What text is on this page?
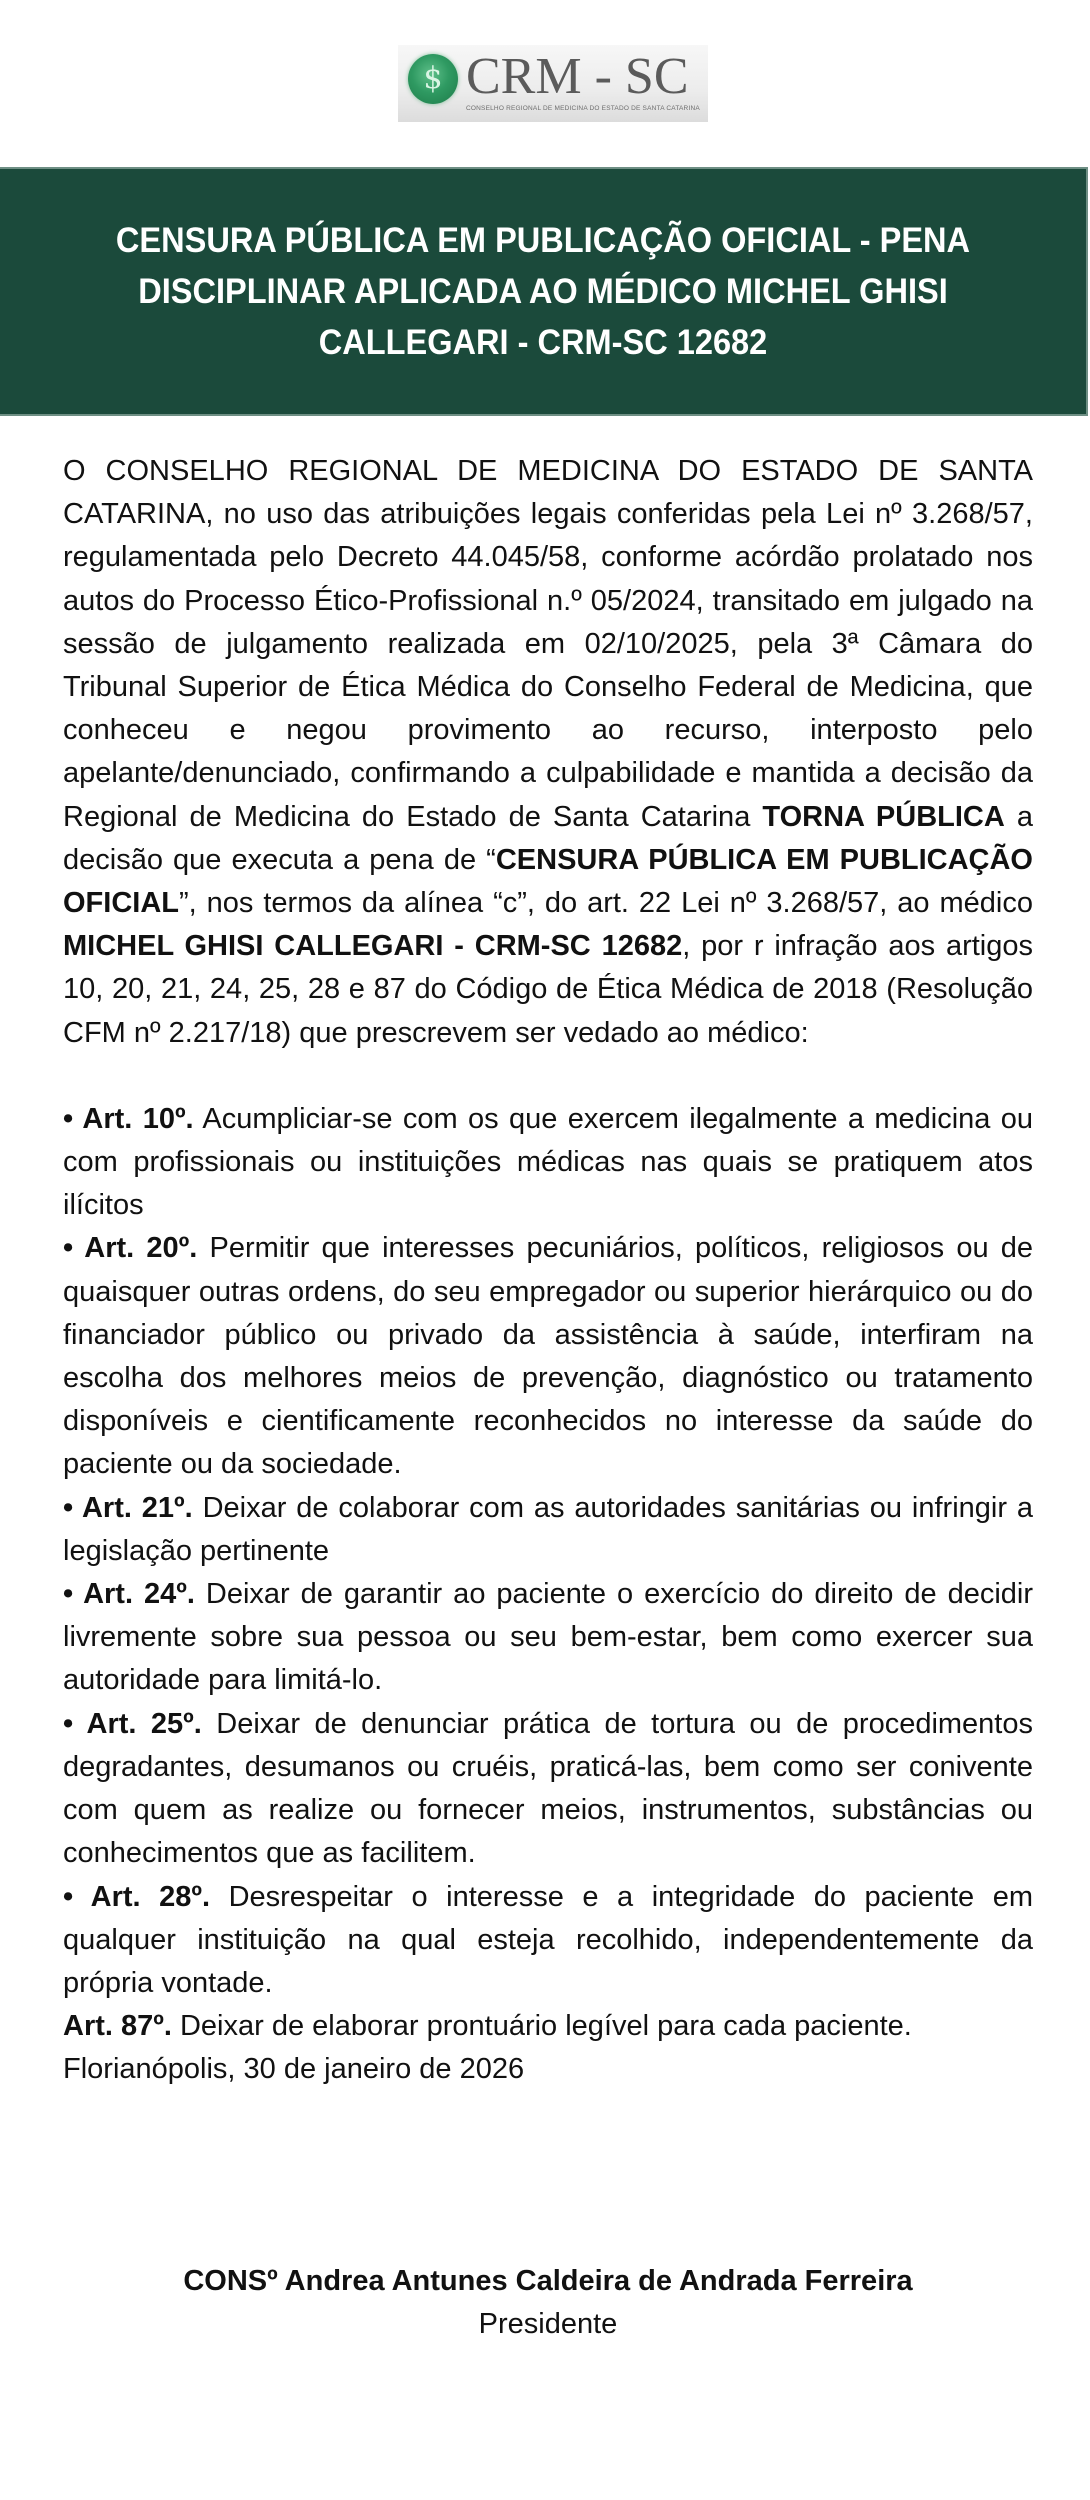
$ CRM - SC
CONSELHO REGIONAL DE MEDICINA DO ESTADO DE SANTA CATARINA
CENSURA PÚBLICA EM PUBLICAÇÃO OFICIAL - PENA DISCIPLINAR APLICADA AO MÉDICO MICHEL GHISI CALLEGARI - CRM-SC 12682

O CONSELHO REGIONAL DE MEDICINA DO ESTADO DE SANTA CATARINA, no uso das atribuições legais conferidas pela Lei nº 3.268/57, regulamentada pelo Decreto 44.045/58, conforme acórdão prolatado nos autos do Processo Ético-Profissional n.º 05/2024, transitado em julgado na sessão de julgamento realizada em 02/10/2025, pela 3ª Câmara do Tribunal Superior de Ética Médica do Conselho Federal de Medicina, que conheceu e negou provimento ao recurso, interposto pelo apelante/denunciado, confirmando a culpabilidade e mantida a decisão da Regional de Medicina do Estado de Santa Catarina TORNA PÚBLICA a decisão que executa a pena de “CENSURA PÚBLICA EM PUBLICAÇÃO OFICIAL”, nos termos da alínea “c”, do art. 22 Lei nº 3.268/57, ao médico MICHEL GHISI CALLEGARI - CRM-SC 12682, por r infração aos artigos 10, 20, 21, 24, 25, 28 e 87 do Código de Ética Médica de 2018 (Resolução CFM nº 2.217/18) que prescrevem ser vedado ao médico:

• Art. 10º. Acumpliciar-se com os que exercem ilegalmente a medicina ou com profissionais ou instituições médicas nas quais se pratiquem atos ilícitos

• Art. 20º. Permitir que interesses pecuniários, políticos, religiosos ou de quaisquer outras ordens, do seu empregador ou superior hierárquico ou do financiador público ou privado da assistência à saúde, interfiram na escolha dos melhores meios de prevenção, diagnóstico ou tratamento disponíveis e cientificamente reconhecidos no interesse da saúde do paciente ou da sociedade.

• Art. 21º. Deixar de colaborar com as autoridades sanitárias ou infringir a legislação pertinente

• Art. 24º. Deixar de garantir ao paciente o exercício do direito de decidir livremente sobre sua pessoa ou seu bem-estar, bem como exercer sua autoridade para limitá-lo.

• Art. 25º. Deixar de denunciar prática de tortura ou de procedimentos degradantes, desumanos ou cruéis, praticá-las, bem como ser conivente com quem as realize ou fornecer meios, instrumentos, substâncias ou conhecimentos que as facilitem.

• Art. 28º. Desrespeitar o interesse e a integridade do paciente em qualquer instituição na qual esteja recolhido, independentemente da própria vontade.

Art. 87º. Deixar de elaborar prontuário legível para cada paciente.

Florianópolis, 30 de janeiro de 2026

CONSº Andrea Antunes Caldeira de Andrada Ferreira
Presidente
